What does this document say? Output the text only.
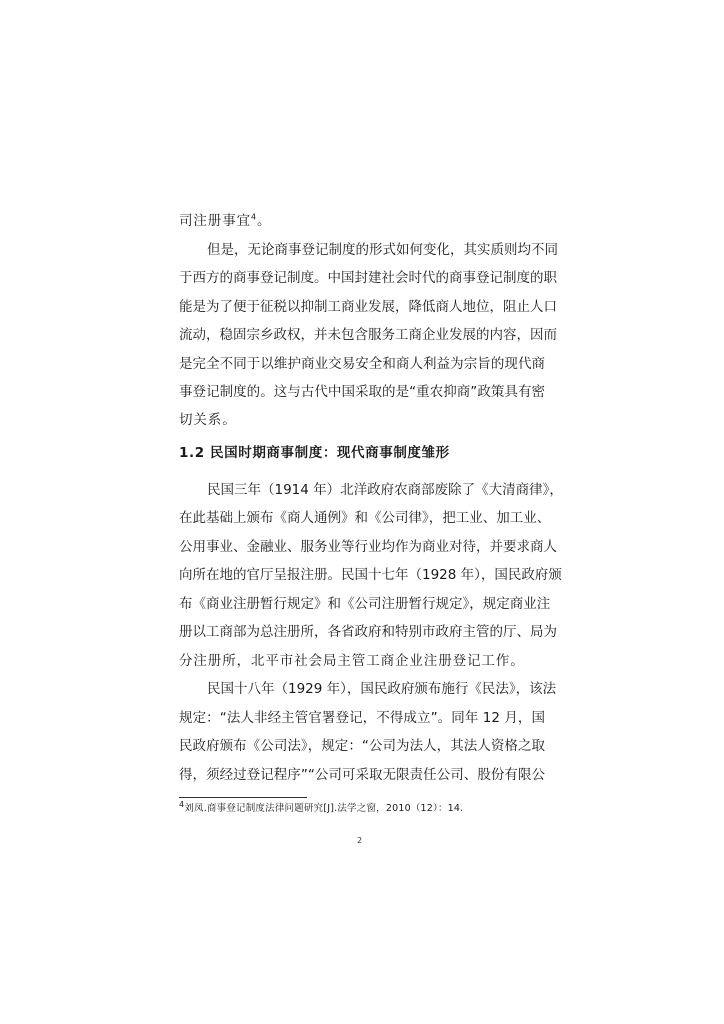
司注册事宜$^4$。
但是，无论商事登记制度的形式如何变化，其实质则均不同
于西方的商事登记制度。中国封建社会时代的商事登记制度的职
能是为了便于征税以抑制工商业发展，降低商人地位，阻止人口
流动，稳固宗乡政权，并未包含服务工商企业发展的内容，因而
是完全不同于以维护商业交易安全和商人利益为宗旨的现代商
事登记制度的。这与古代中国采取的是“重农抑商”政策具有密
切关系。
1.2 民国时期商事制度：现代商事制度雏形
民国三年（1914 年）北洋政府农商部废除了《大清商律》，
在此基础上颁布《商人通例》和《公司律》，把工业、加工业、
公用事业、金融业、服务业等行业均作为商业对待，并要求商人
向所在地的官厅呈报注册。民国十七年（1928 年），国民政府颁
布《商业注册暂行规定》和《公司注册暂行规定》，规定商业注
册以工商部为总注册所，各省政府和特别市政府主管的厅、局为
分注册所，北平市社会局主管工商企业注册登记工作。
民国十八年（1929 年），国民政府颁布施行《民法》，该法
规定：“法人非经主管官署登记，不得成立”。同年 12 月，国
民政府颁布《公司法》，规定：“公司为法人，其法人资格之取
得，须经过登记程序”“公司可采取无限责任公司、股份有限公
$^4$刘凤.商事登记制度法律问题研究[J].法学之窗，2010（12）：14.
2
